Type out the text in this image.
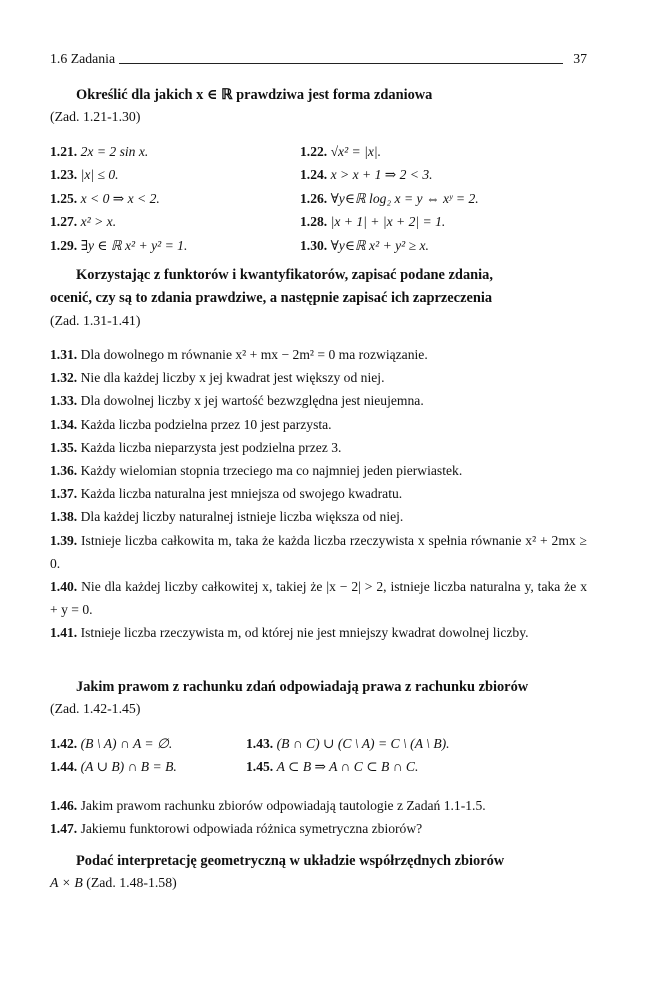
1.6 Zadania	37
Określić dla jakich x ∈ ℝ prawdziwa jest forma zdaniowa
(Zad. 1.21-1.30)
1.21. 2x = 2 sin x.	1.22. √x² = |x|.
1.23. |x| ≤ 0.	1.24. x > x + 1 ⇒ 2 < 3.
1.25. x < 0 ⇒ x < 2.	1.26. ∀y∈ℝ log₂ x = y ⇔ xʸ = 2.
1.27. x² > x.	1.28. |x + 1| + |x + 2| = 1.
1.29. ∃y ∈ ℝ x² + y² = 1.	1.30. ∀y∈ℝ x² + y² ≥ x.
Korzystając z funktorów i kwantyfikatorów, zapisać podane zdania,
ocenić, czy są to zdania prawdziwe, a następnie zapisać ich zaprzeczenia
(Zad. 1.31-1.41)
1.31. Dla dowolnego m równanie x² + mx − 2m² = 0 ma rozwiązanie.
1.32. Nie dla każdej liczby x jej kwadrat jest większy od niej.
1.33. Dla dowolnej liczby x jej wartość bezwzględna jest nieujemna.
1.34. Każda liczba podzielna przez 10 jest parzysta.
1.35. Każda liczba nieparzysta jest podzielna przez 3.
1.36. Każdy wielomian stopnia trzeciego ma co najmniej jeden pierwiastek.
1.37. Każda liczba naturalna jest mniejsza od swojego kwadratu.
1.38. Dla każdej liczby naturalnej istnieje liczba większa od niej.
1.39. Istnieje liczba całkowita m, taka że każda liczba rzeczywista x spełnia równanie x² + 2mx ≥ 0.
1.40. Nie dla każdej liczby całkowitej x, takiej że |x − 2| > 2, istnieje liczba naturalna y, taka że x + y = 0.
1.41. Istnieje liczba rzeczywista m, od której nie jest mniejszy kwadrat dowolnej liczby.
Jakim prawom z rachunku zdań odpowiadają prawa z rachunku zbiorów
(Zad. 1.42-1.45)
1.42. (B \ A) ∩ A = ∅.	1.43. (B ∩ C) ∪ (C \ A) = C \ (A \ B).
1.44. (A ∪ B) ∩ B = B.	1.45. A ⊂ B ⇒ A ∩ C ⊂ B ∩ C.
1.46. Jakim prawom rachunku zbiorów odpowiadają tautologie z Zadań 1.1-1.5.
1.47. Jakiemu funktorowi odpowiada różnica symetryczna zbiorów?
Podać interpretację geometryczną w układzie współrzędnych zbiorów
A × B (Zad. 1.48-1.58)
